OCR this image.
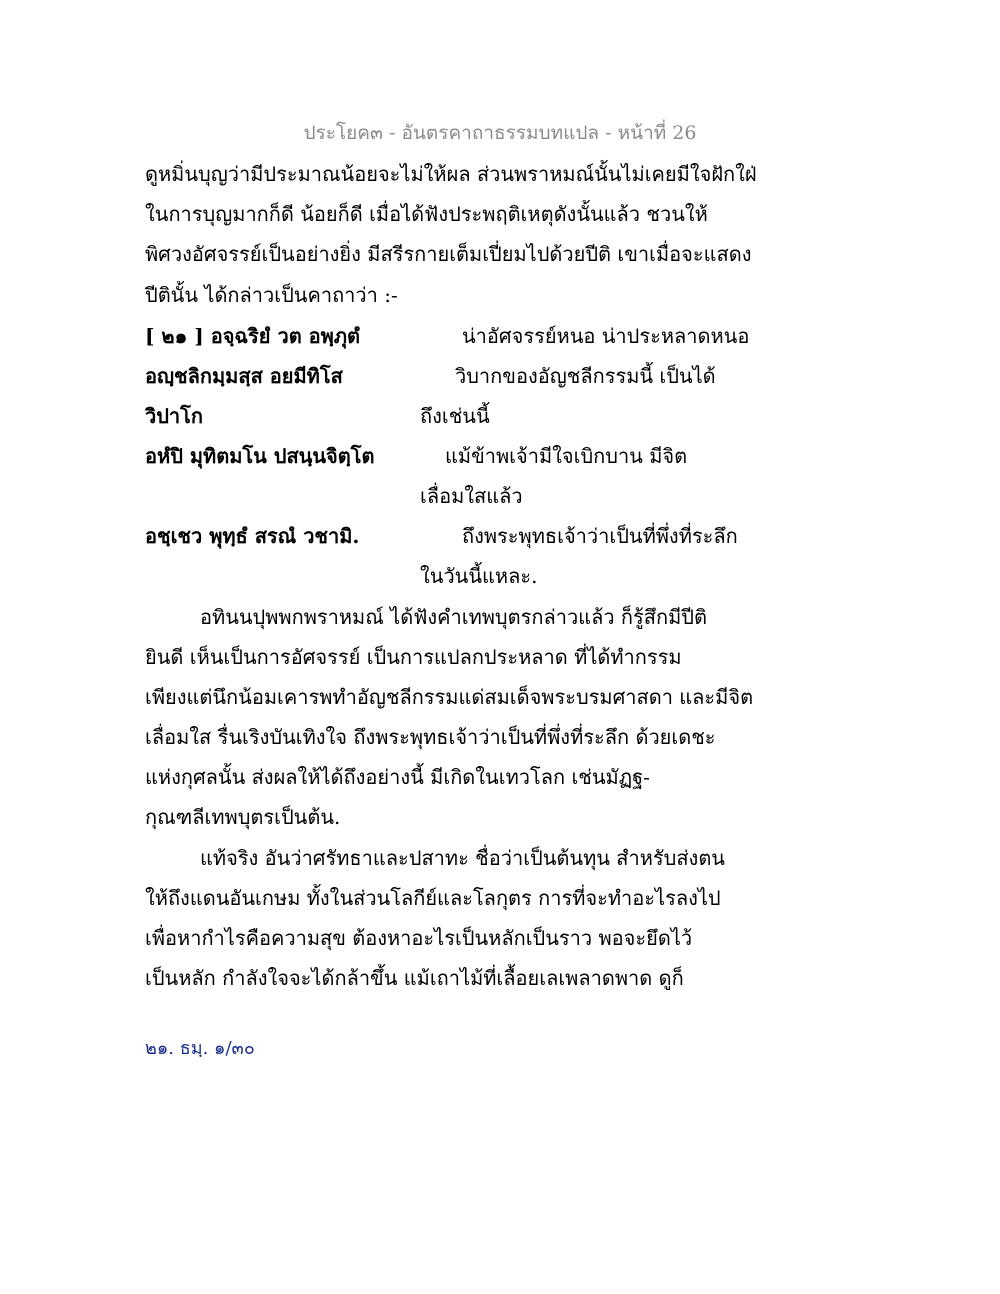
ประโยค๓ - อันตรคาถาธรรมบทแปล - หน้าที่ 26
ดูหมิ่นบุญว่ามีประมาณน้อยจะไม่ให้ผล ส่วนพราหมณ์นั้นไม่เคยมีใจฝักใฝ่
ในการบุญมากก็ดี น้อยก็ดี เมื่อได้ฟังประพฤติเหตุดังนั้นแล้ว ชวนให้
พิศวงอัศจรรย์เป็นอย่างยิ่ง มีสรีรกายเต็มเปี่ยมไปด้วยปีติ เขาเมื่อจะแสดง
ปีตินั้น ได้กล่าวเป็นคาถาว่า :-
[ ๒๑ ] อจฺฉริยํ วต อพฺภุตํ	น่าอัศจรรย์หนอ น่าประหลาดหนอ
อญฺชลิกมฺมสฺส อยมีทิโส	วิบากของอัญชลีกรรมนี้ เป็นได้
วิปาโก	ถึงเช่นนี้
อหํปิ มุทิตมโน ปสนฺนจิตฺโต	แม้ข้าพเจ้ามีใจเบิกบาน มีจิต
เลื่อมใสแล้ว
อชฺเชว พุทฺธํ สรณํ วชามิ.	ถึงพระพุทธเจ้าว่าเป็นที่พึ่งที่ระลึก
ในวันนี้แหละ.
อทินนปุพพกพราหมณ์ ได้ฟังคำเทพบุตรกล่าวแล้ว ก็รู้สึกมีปีติ
ยินดี เห็นเป็นการอัศจรรย์ เป็นการแปลกประหลาด ที่ได้ทำกรรม
เพียงแต่นึกน้อมเคารพทำอัญชลีกรรมแด่สมเด็จพระบรมศาสดา และมีจิต
เลื่อมใส รื่นเริงบันเทิงใจ ถึงพระพุทธเจ้าว่าเป็นที่พึ่งที่ระลึก ด้วยเดชะ
แห่งกุศลนั้น ส่งผลให้ได้ถึงอย่างนี้ มีเกิดในเทวโลก เช่นมัฏฐ-
กุณฑลีเทพบุตรเป็นต้น.
แท้จริง อันว่าศรัทธาและปสาทะ ชื่อว่าเป็นต้นทุน สำหรับส่งตน
ให้ถึงแดนอันเกษม ทั้งในส่วนโลกีย์และโลกุตร การที่จะทำอะไรลงไป
เพื่อหากำไรคือความสุข ต้องหาอะไรเป็นหลักเป็นราว พอจะยึดไว้
เป็นหลัก กำลังใจจะได้กล้าขึ้น แม้เถาไม้ที่เลื้อยเลเพลาดพาด ดูก็
๒๑. ธมฺ. ๑/๓๐
